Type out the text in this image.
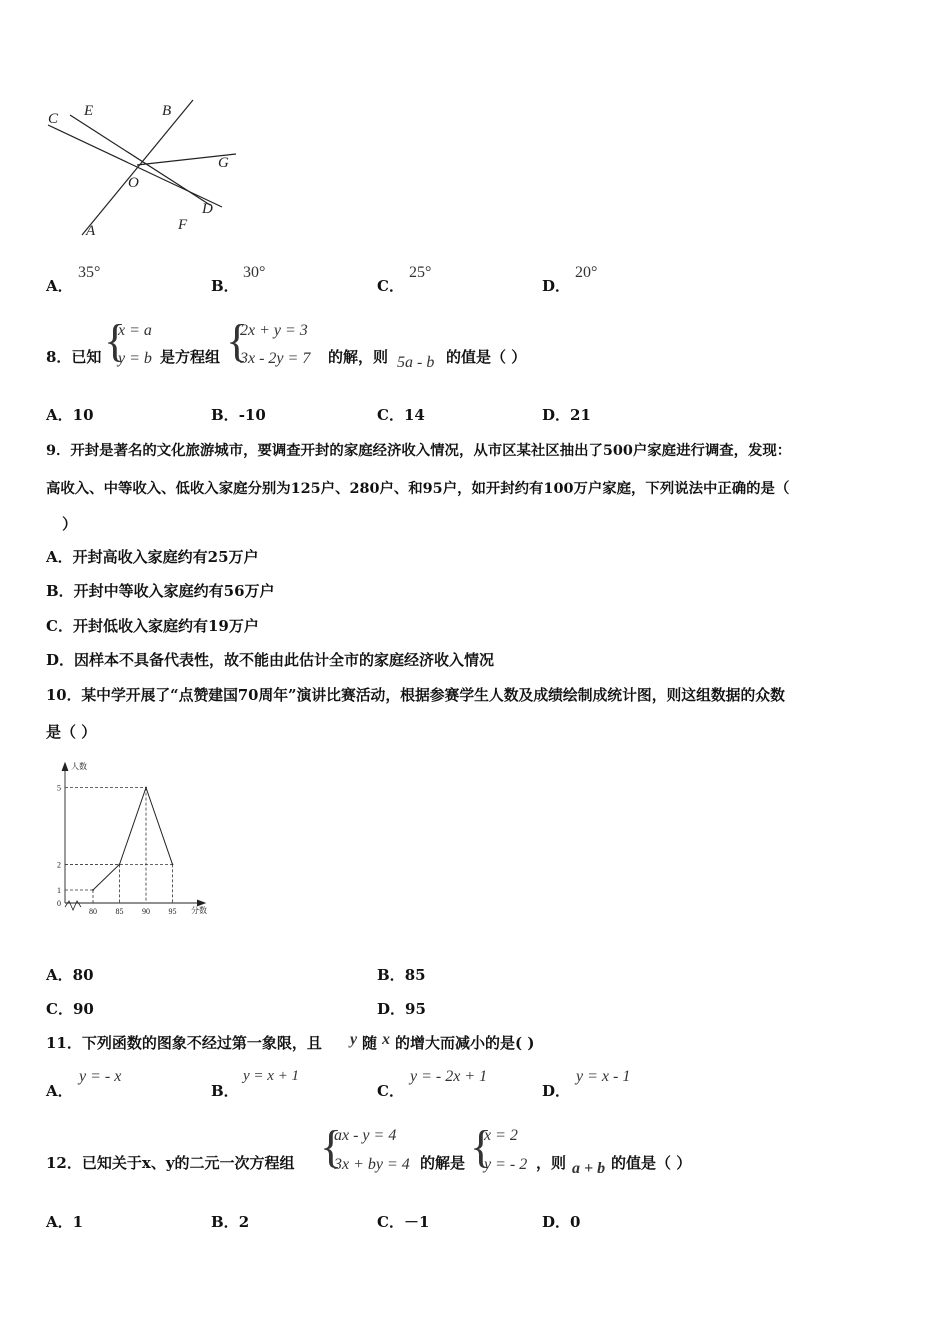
C E	B
G
O
D
F
A
A．
35°
B．
30°
C．
25°
D．
20°
8．已知 {
x = a
y = b 是方程组 {
2x + y = 3
3x - 2y = 7 的解，则 5a - b 的值是（ ）
A．10	B．-10	C．14	D．21
9．开封是著名的文化旅游城市，要调查开封的家庭经济收入情况，从市区某社区抽出了500户家庭进行调查，发现：
高收入、中等收入、低收入家庭分别为125户、280户、和95户，如开封约有100万户家庭，下列说法中正确的是（
）
A．开封高收入家庭约有25万户
B．开封中等收入家庭约有56万户
C．开封低收入家庭约有19万户
D．因样本不具备代表性，故不能由此估计全市的家庭经济收入情况
10．某中学开展了“点赞建国70周年”演讲比赛活动，根据参赛学生人数及成绩绘制成统计图，则这组数据的众数
是（ ）
人数
分数
80 85 90 95
0
1
2
5
A．80	B．85
C．90	D．95
11．下列函数的图象不经过第一象限，且 y 随 x 的增大而减小的是( )
A．
y = - x
B．
y = x + 1
C．
y = - 2x + 1
D．
y = x - 1
12．已知关于x、y的二元一次方程组 {
ax - y = 4
3x + by = 4 的解是 {
x = 2
y = - 2 ，则 a + b 的值是（ ）
A．1	B．2	C．－1	D．0
